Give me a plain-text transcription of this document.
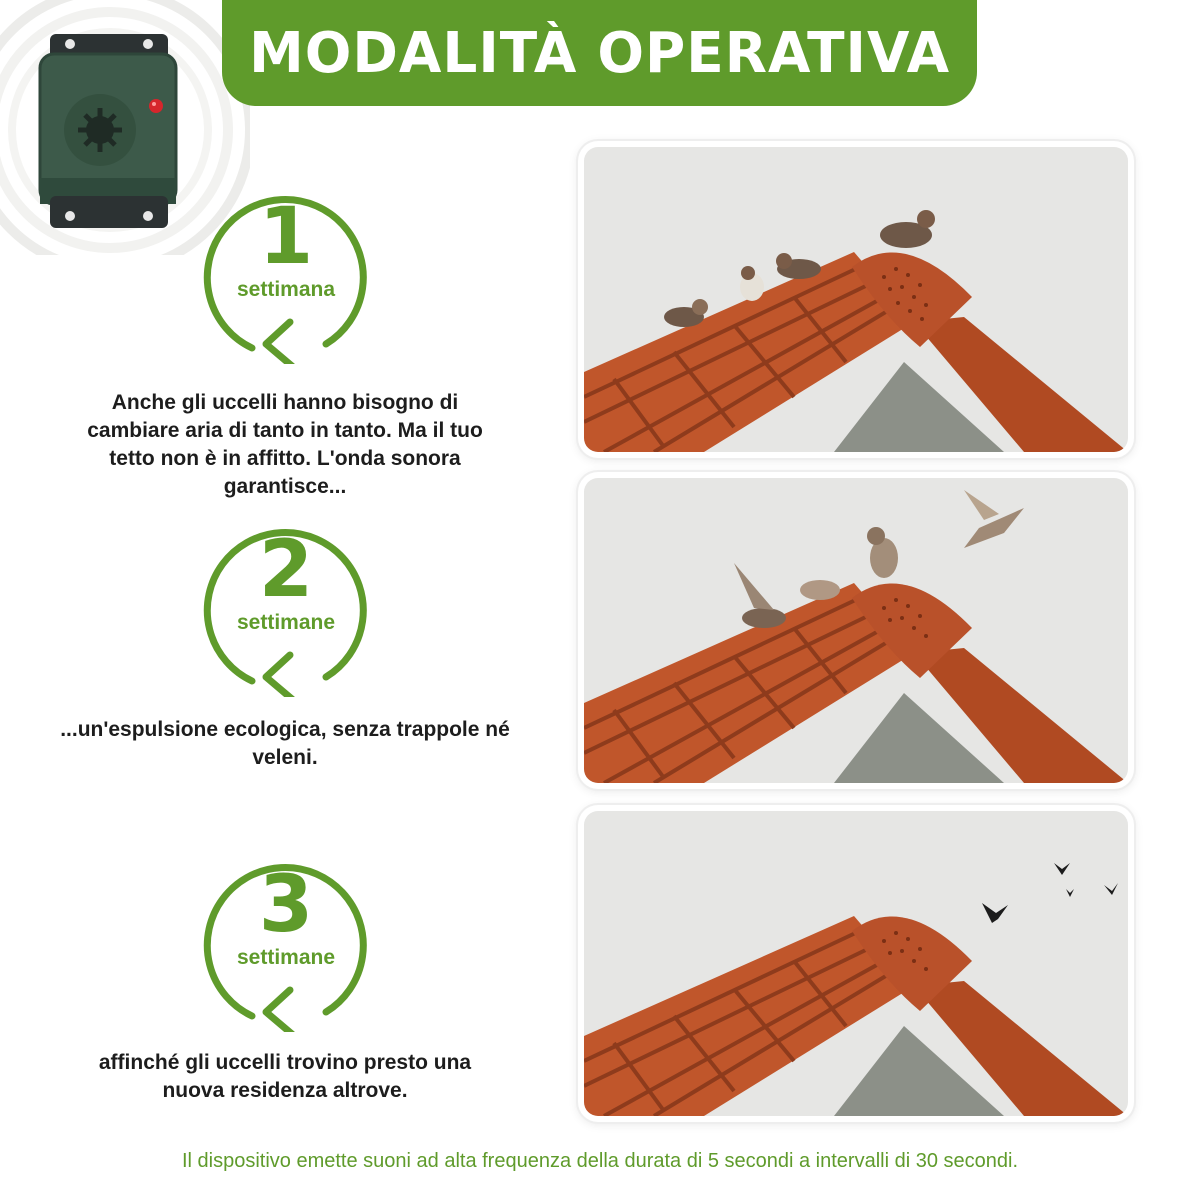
MODALITÀ OPERATIVA
1
settimana
Anche gli uccelli hanno bisogno di cambiare aria di tanto in tanto. Ma il tuo tetto non è in affitto. L'onda sonora garantisce...
2
settimane
...un'espulsione ecologica, senza trappole né veleni.
3
settimane
affinché gli uccelli trovino presto una nuova residenza altrove.
Il dispositivo emette suoni ad alta frequenza della durata di 5 secondi a intervalli di 30 secondi.
